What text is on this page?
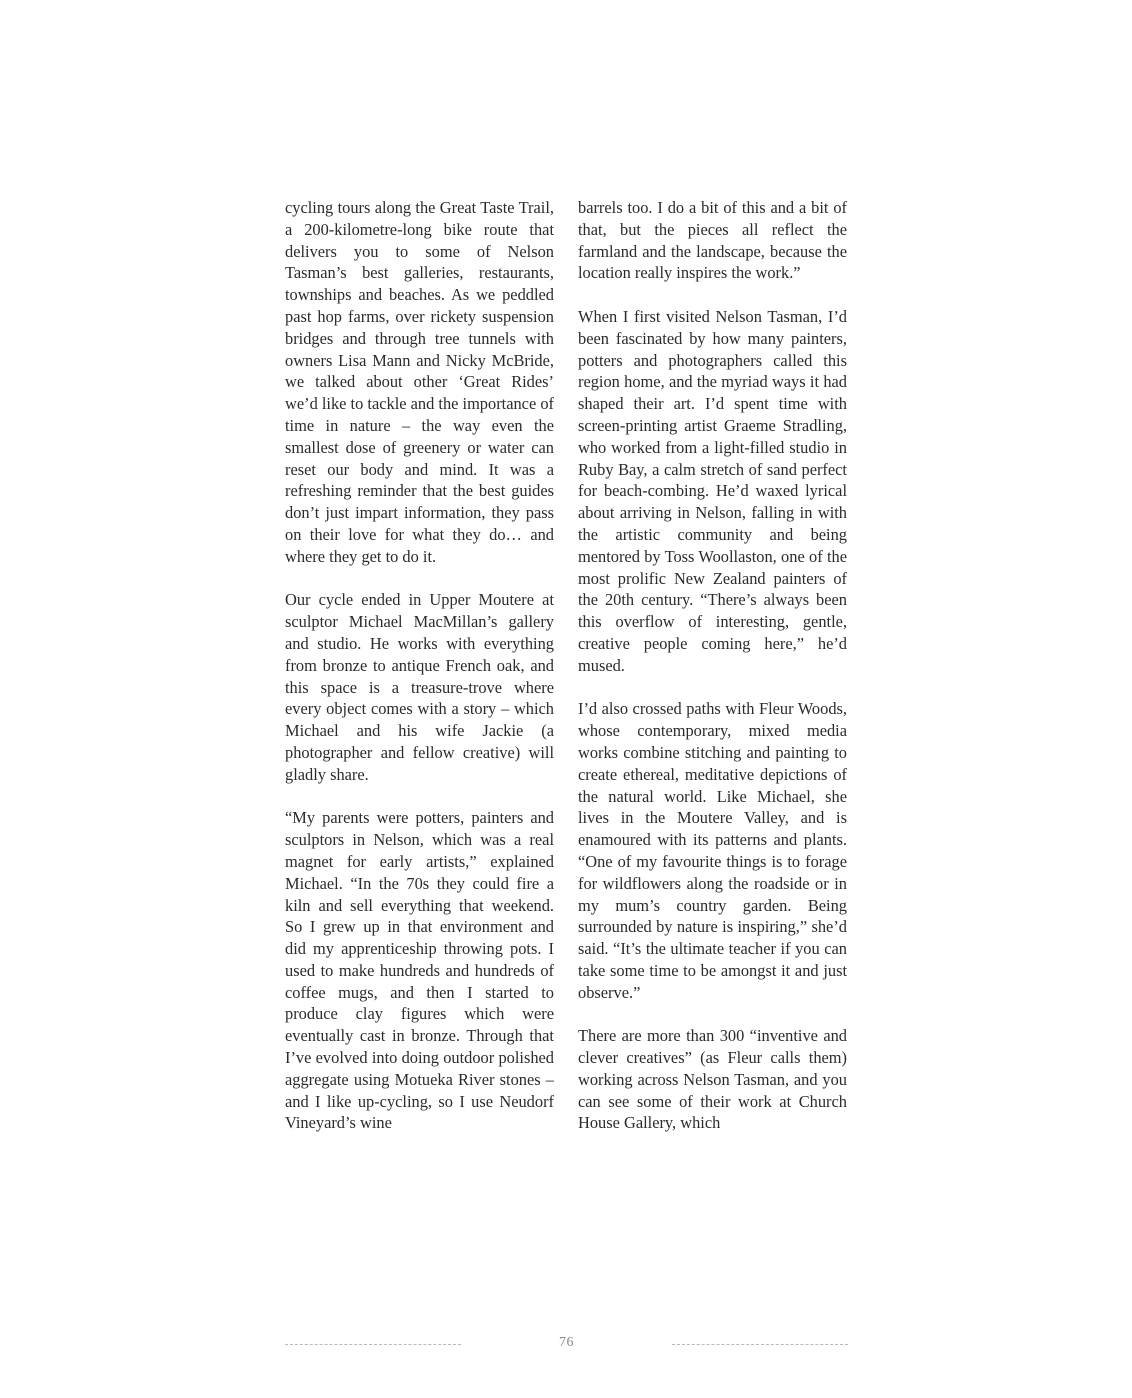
cycling tours along the Great Taste Trail, a 200-kilometre-long bike route that delivers you to some of Nelson Tasman’s best galleries, restaurants, townships and beaches. As we peddled past hop farms, over rickety suspension bridges and through tree tunnels with owners Lisa Mann and Nicky McBride, we talked about other ‘Great Rides’ we’d like to tackle and the importance of time in nature – the way even the smallest dose of greenery or water can reset our body and mind. It was a refreshing reminder that the best guides don’t just impart information, they pass on their love for what they do… and where they get to do it.

Our cycle ended in Upper Moutere at sculptor Michael MacMillan’s gallery and studio. He works with everything from bronze to antique French oak, and this space is a treasure-trove where every object comes with a story – which Michael and his wife Jackie (a photographer and fellow creative) will gladly share.

“My parents were potters, painters and sculptors in Nelson, which was a real magnet for early artists,” explained Michael. “In the 70s they could fire a kiln and sell everything that weekend. So I grew up in that environment and did my apprenticeship throwing pots. I used to make hundreds and hundreds of coffee mugs, and then I started to produce clay figures which were eventually cast in bronze. Through that I’ve evolved into doing outdoor polished aggregate using Motueka River stones – and I like up-cycling, so I use Neudorf Vineyard’s wine

barrels too. I do a bit of this and a bit of that, but the pieces all reflect the farmland and the landscape, because the location really inspires the work.”

When I first visited Nelson Tasman, I’d been fascinated by how many painters, potters and photographers called this region home, and the myriad ways it had shaped their art. I’d spent time with screen-printing artist Graeme Stradling, who worked from a light-filled studio in Ruby Bay, a calm stretch of sand perfect for beach-combing. He’d waxed lyrical about arriving in Nelson, falling in with the artistic community and being mentored by Toss Woollaston, one of the most prolific New Zealand painters of the 20th century. “There’s always been this overflow of interesting, gentle, creative people coming here,” he’d mused.

I’d also crossed paths with Fleur Woods, whose contemporary, mixed media works combine stitching and painting to create ethereal, meditative depictions of the natural world. Like Michael, she lives in the Moutere Valley, and is enamoured with its patterns and plants. “One of my favourite things is to forage for wildflowers along the roadside or in my mum’s country garden. Being surrounded by nature is inspiring,” she’d said. “It’s the ultimate teacher if you can take some time to be amongst it and just observe.”

There are more than 300 “inventive and clever creatives” (as Fleur calls them) working across Nelson Tasman, and you can see some of their work at Church House Gallery, which

76
